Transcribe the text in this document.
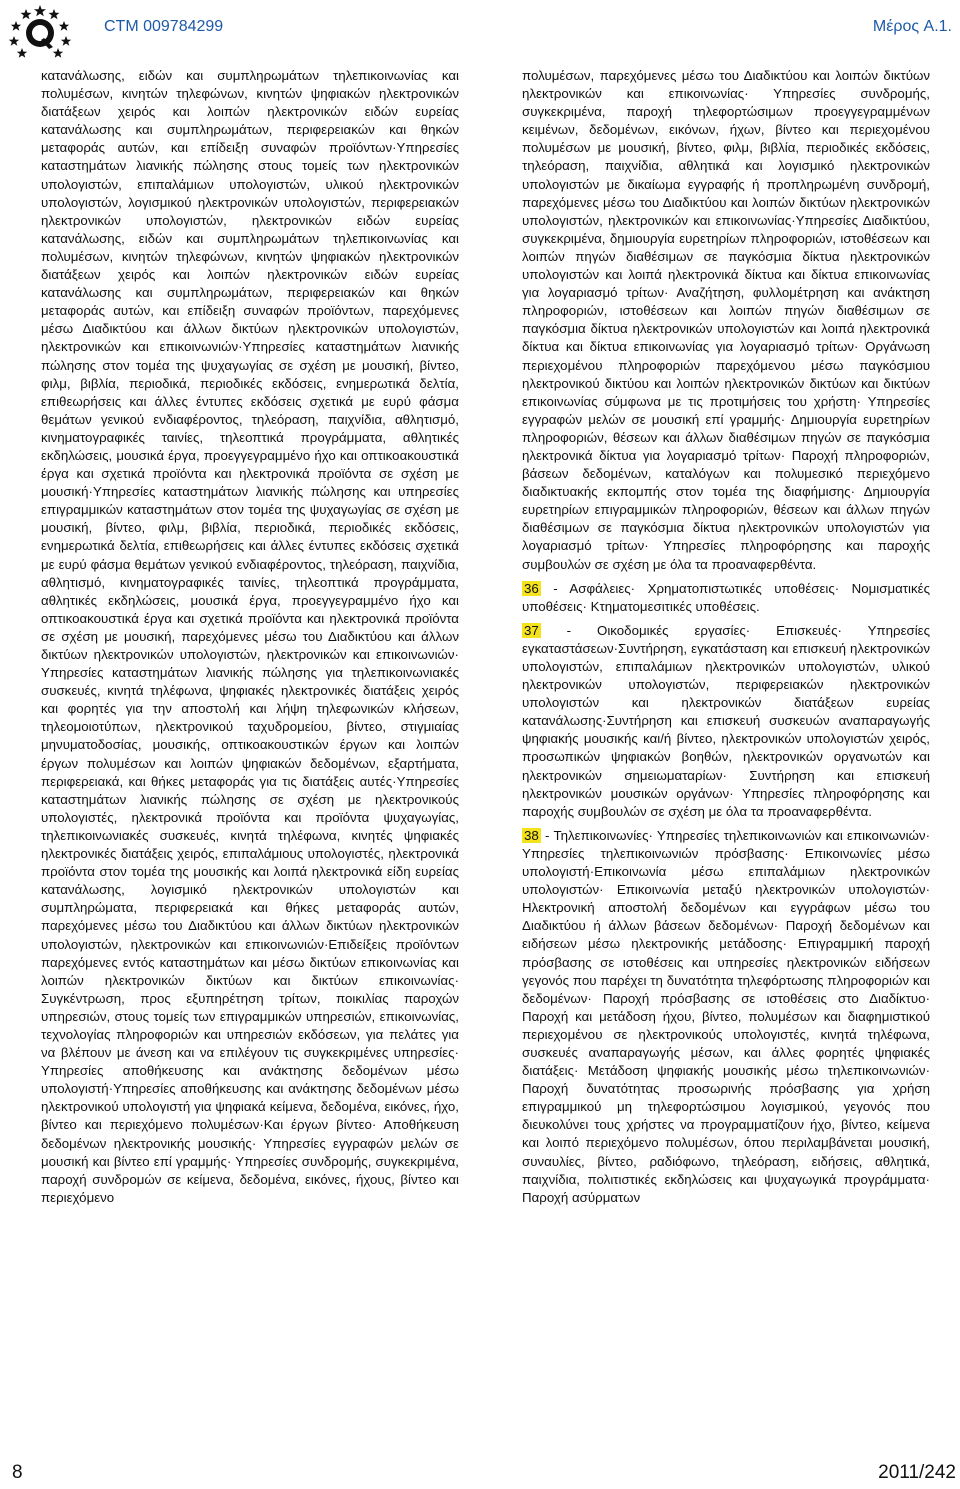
CTM 009784299	Μέρος A.1.

κατανάλωσης, ειδών και συμπληρωμάτων τηλεπικοινωνίας και πολυμέσων, κινητών τηλεφώνων, κινητών ψηφιακών ηλεκτρονικών διατάξεων χειρός και λοιπών ηλεκτρονικών ειδών ευρείας κατανάλωσης και συμπληρωμάτων, περιφερειακών και θηκών μεταφοράς αυτών, και επίδειξη συναφών προϊόντων·Υπηρεσίες καταστημάτων λιανικής πώλησης στους τομείς των ηλεκτρονικών υπολογιστών, επιπαλάμιων υπολογιστών, υλικού ηλεκτρονικών υπολογιστών, λογισμικού ηλεκτρονικών υπολογιστών, περιφερειακών ηλεκτρονικών υπολογιστών, ηλεκτρονικών ειδών ευρείας κατανάλωσης, ειδών και συμπληρωμάτων τηλεπικοινωνίας και πολυμέσων, κινητών τηλεφώνων, κινητών ψηφιακών ηλεκτρονικών διατάξεων χειρός και λοιπών ηλεκτρονικών ειδών ευρείας κατανάλωσης και συμπληρωμάτων, περιφερειακών και θηκών μεταφοράς αυτών, και επίδειξη συναφών προϊόντων, παρεχόμενες μέσω Διαδικτύου και άλλων δικτύων ηλεκτρονικών υπολογιστών, ηλεκτρονικών και επικοινωνιών·Υπηρεσίες καταστημάτων λιανικής πώλησης στον τομέα της ψυχαγωγίας σε σχέση με μουσική, βίντεο, φιλμ, βιβλία, περιοδικά, περιοδικές εκδόσεις, ενημερωτικά δελτία, επιθεωρήσεις και άλλες έντυπες εκδόσεις σχετικά με ευρύ φάσμα θεμάτων γενικού ενδιαφέροντος, τηλεόραση, παιχνίδια, αθλητισμό, κινηματογραφικές ταινίες, τηλεοπτικά προγράμματα, αθλητικές εκδηλώσεις, μουσικά έργα, προεγγεγραμμένο ήχο και οπτικοακουστικά έργα και σχετικά προϊόντα και ηλεκτρονικά προϊόντα σε σχέση με μουσική·Υπηρεσίες καταστημάτων λιανικής πώλησης και υπηρεσίες επιγραμμικών καταστημάτων στον τομέα της ψυχαγωγίας σε σχέση με μουσική, βίντεο, φιλμ, βιβλία, περιοδικά, περιοδικές εκδόσεις, ενημερωτικά δελτία, επιθεωρήσεις και άλλες έντυπες εκδόσεις σχετικά με ευρύ φάσμα θεμάτων γενικού ενδιαφέροντος, τηλεόραση, παιχνίδια, αθλητισμό, κινηματογραφικές ταινίες, τηλεοπτικά προγράμματα, αθλητικές εκδηλώσεις, μουσικά έργα, προεγγεγραμμένο ήχο και οπτικοακουστικά έργα και σχετικά προϊόντα και ηλεκτρονικά προϊόντα σε σχέση με μουσική, παρεχόμενες μέσω του Διαδικτύου και άλλων δικτύων ηλεκτρονικών υπολογιστών, ηλεκτρονικών και επικοινωνιών· Υπηρεσίες καταστημάτων λιανικής πώλησης για τηλεπικοινωνιακές συσκευές, κινητά τηλέφωνα, ψηφιακές ηλεκτρονικές διατάξεις χειρός και φορητές για την αποστολή και λήψη τηλεφωνικών κλήσεων, τηλεομοιοτύπων, ηλεκτρονικού ταχυδρομείου, βίντεο, στιγμιαίας μηνυματοδοσίας, μουσικής, οπτικοακουστικών έργων και λοιπών έργων πολυμέσων και λοιπών ψηφιακών δεδομένων, εξαρτήματα, περιφερειακά, και θήκες μεταφοράς για τις διατάξεις αυτές·Υπηρεσίες καταστημάτων λιανικής πώλησης σε σχέση με ηλεκτρονικούς υπολογιστές, ηλεκτρονικά προϊόντα και προϊόντα ψυχαγωγίας, τηλεπικοινωνιακές συσκευές, κινητά τηλέφωνα, κινητές ψηφιακές ηλεκτρονικές διατάξεις χειρός, επιπαλάμιους υπολογιστές, ηλεκτρονικά προϊόντα στον τομέα της μουσικής και λοιπά ηλεκτρονικά είδη ευρείας κατανάλωσης, λογισμικό ηλεκτρονικών υπολογιστών και συμπληρώματα, περιφερειακά και θήκες μεταφοράς αυτών, παρεχόμενες μέσω του Διαδικτύου και άλλων δικτύων ηλεκτρονικών υπολογιστών, ηλεκτρονικών και επικοινωνιών·Επιδείξεις προϊόντων παρεχόμενες εντός καταστημάτων και μέσω δικτύων επικοινωνίας και λοιπών ηλεκτρονικών δικτύων και δικτύων επικοινωνίας· Συγκέντρωση, προς εξυπηρέτηση τρίτων, ποικιλίας παροχών υπηρεσιών, στους τομείς των επιγραμμικών υπηρεσιών, επικοινωνίας, τεχνολογίας πληροφοριών και υπηρεσιών εκδόσεων, για πελάτες για να βλέπουν με άνεση και να επιλέγουν τις συγκεκριμένες υπηρεσίες· Υπηρεσίες αποθήκευσης και ανάκτησης δεδομένων μέσω υπολογιστή·Υπηρεσίες αποθήκευσης και ανάκτησης δεδομένων μέσω ηλεκτρονικού υπολογιστή για ψηφιακά κείμενα, δεδομένα, εικόνες, ήχο, βίντεο και περιεχόμενο πολυμέσων·Και έργων βίντεο· Αποθήκευση δεδομένων ηλεκτρονικής μουσικής· Υπηρεσίες εγγραφών μελών σε μουσική και βίντεο επί γραμμής· Υπηρεσίες συνδρομής, συγκεκριμένα, παροχή συνδρομών σε κείμενα, δεδομένα, εικόνες, ήχους, βίντεο και περιεχόμενο

πολυμέσων, παρεχόμενες μέσω του Διαδικτύου και λοιπών δικτύων ηλεκτρονικών και επικοινωνίας· Υπηρεσίες συνδρομής, συγκεκριμένα, παροχή τηλεφορτώσιμων προεγγεγραμμένων κειμένων, δεδομένων, εικόνων, ήχων, βίντεο και περιεχομένου πολυμέσων με μουσική, βίντεο, φιλμ, βιβλία, περιοδικές εκδόσεις, τηλεόραση, παιχνίδια, αθλητικά και λογισμικό ηλεκτρονικών υπολογιστών με δικαίωμα εγγραφής ή προπληρωμένη συνδρομή, παρεχόμενες μέσω του Διαδικτύου και λοιπών δικτύων ηλεκτρονικών υπολογιστών, ηλεκτρονικών και επικοινωνίας·Υπηρεσίες Διαδικτύου, συγκεκριμένα, δημιουργία ευρετηρίων πληροφοριών, ιστοθέσεων και λοιπών πηγών διαθέσιμων σε παγκόσμια δίκτυα ηλεκτρονικών υπολογιστών και λοιπά ηλεκτρονικά δίκτυα και δίκτυα επικοινωνίας για λογαριασμό τρίτων· Αναζήτηση, φυλλομέτρηση και ανάκτηση πληροφοριών, ιστοθέσεων και λοιπών πηγών διαθέσιμων σε παγκόσμια δίκτυα ηλεκτρονικών υπολογιστών και λοιπά ηλεκτρονικά δίκτυα και δίκτυα επικοινωνίας για λογαριασμό τρίτων· Οργάνωση περιεχομένου πληροφοριών παρεχόμενου μέσω παγκόσμιου ηλεκτρονικού δικτύου και λοιπών ηλεκτρονικών δικτύων και δικτύων επικοινωνίας σύμφωνα με τις προτιμήσεις του χρήστη· Υπηρεσίες εγγραφών μελών σε μουσική επί γραμμής· Δημιουργία ευρετηρίων πληροφοριών, θέσεων και άλλων διαθέσιμων πηγών σε παγκόσμια ηλεκτρονικά δίκτυα για λογαριασμό τρίτων· Παροχή πληροφοριών, βάσεων δεδομένων, καταλόγων και πολυμεσικό περιεχόμενο διαδικτυακής εκπομπής στον τομέα της διαφήμισης· Δημιουργία ευρετηρίων επιγραμμικών πληροφοριών, θέσεων και άλλων πηγών διαθέσιμων σε παγκόσμια δίκτυα ηλεκτρονικών υπολογιστών για λογαριασμό τρίτων· Υπηρεσίες πληροφόρησης και παροχής συμβουλών σε σχέση με όλα τα προαναφερθέντα.

36 - Ασφάλειες· Χρηματοπιστωτικές υποθέσεις· Νομισματικές υποθέσεις· Κτηματομεσιτικές υποθέσεις.

37 - Οικοδομικές εργασίες· Επισκευές· Υπηρεσίες εγκαταστάσεων·Συντήρηση, εγκατάσταση και επισκευή ηλεκτρονικών υπολογιστών, επιπαλάμιων ηλεκτρονικών υπολογιστών, υλικού ηλεκτρονικών υπολογιστών, περιφερειακών ηλεκτρονικών υπολογιστών και ηλεκτρονικών διατάξεων ευρείας κατανάλωσης·Συντήρηση και επισκευή συσκευών αναπαραγωγής ψηφιακής μουσικής και/ή βίντεο, ηλεκτρονικών υπολογιστών χειρός, προσωπικών ψηφιακών βοηθών, ηλεκτρονικών οργανωτών και ηλεκτρονικών σημειωματαρίων· Συντήρηση και επισκευή ηλεκτρονικών μουσικών οργάνων· Υπηρεσίες πληροφόρησης και παροχής συμβουλών σε σχέση με όλα τα προαναφερθέντα.

38 - Τηλεπικοινωνίες· Υπηρεσίες τηλεπικοινωνιών και επικοινωνιών· Υπηρεσίες τηλεπικοινωνιών πρόσβασης· Επικοινωνίες μέσω υπολογιστή·Επικοινωνία μέσω επιπαλάμιων ηλεκτρονικών υπολογιστών· Επικοινωνία μεταξύ ηλεκτρονικών υπολογιστών· Ηλεκτρονική αποστολή δεδομένων και εγγράφων μέσω του Διαδικτύου ή άλλων βάσεων δεδομένων· Παροχή δεδομένων και ειδήσεων μέσω ηλεκτρονικής μετάδοσης· Επιγραμμική παροχή πρόσβασης σε ιστοθέσεις και υπηρεσίες ηλεκτρονικών ειδήσεων γεγονός που παρέχει τη δυνατότητα τηλεφόρτωσης πληροφοριών και δεδομένων· Παροχή πρόσβασης σε ιστοθέσεις στο Διαδίκτυο· Παροχή και μετάδοση ήχου, βίντεο, πολυμέσων και διαφημιστικού περιεχομένου σε ηλεκτρονικούς υπολογιστές, κινητά τηλέφωνα, συσκευές αναπαραγωγής μέσων, και άλλες φορητές ψηφιακές διατάξεις· Μετάδοση ψηφιακής μουσικής μέσω τηλεπικοινωνιών· Παροχή δυνατότητας προσωρινής πρόσβασης για χρήση επιγραμμικού μη τηλεφορτώσιμου λογισμικού, γεγονός που διευκολύνει τους χρήστες να προγραμματίζουν ήχο, βίντεο, κείμενα και λοιπό περιεχόμενο πολυμέσων, όπου περιλαμβάνεται μουσική, συναυλίες, βίντεο, ραδιόφωνο, τηλεόραση, ειδήσεις, αθλητικά, παιχνίδια, πολιτιστικές εκδηλώσεις και ψυχαγωγικά προγράμματα· Παροχή ασύρματων

8	2011/242
